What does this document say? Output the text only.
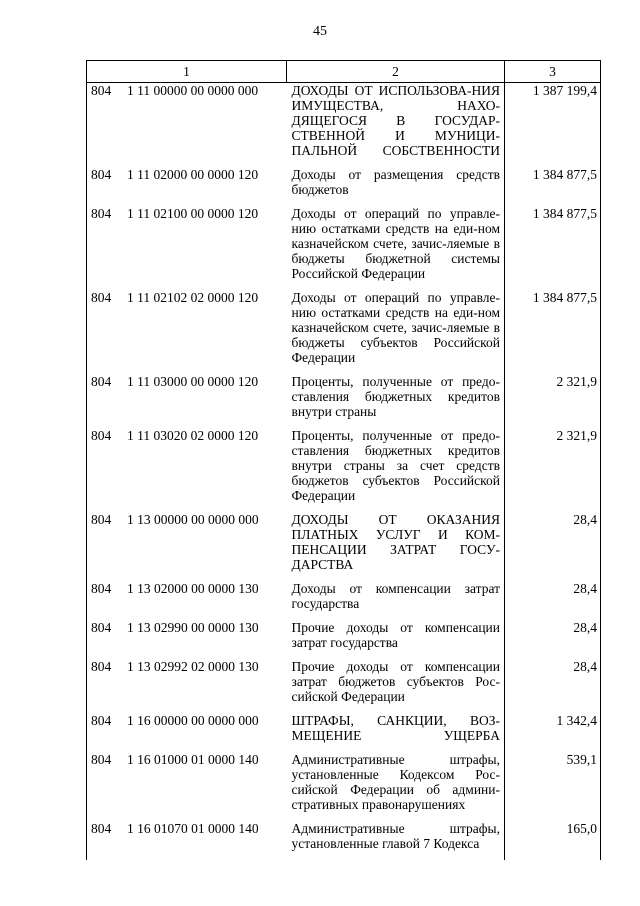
45
1	2	3

804 1 11 00000 00 0000 000	ДОХОДЫ ОТ ИСПОЛЬЗОВА-НИЯ ИМУЩЕСТВА, НАХО-ДЯЩЕГОСЯ В ГОСУДАР-СТВЕННОЙ И МУНИЦИ-ПАЛЬНОЙ СОБСТВЕННОСТИ	1 387 199,4

804 1 11 02000 00 0000 120	Доходы от размещения средств бюджетов	1 384 877,5

804 1 11 02100 00 0000 120	Доходы от операций по управле-нию остатками средств на еди-ном казначейском счете, зачис-ляемые в бюджеты бюджетной системы Российской Федерации	1 384 877,5

804 1 11 02102 02 0000 120	Доходы от операций по управле-нию остатками средств на еди-ном казначейском счете, зачис-ляемые в бюджеты субъектов Российской Федерации	1 384 877,5

804 1 11 03000 00 0000 120	Проценты, полученные от предо-ставления бюджетных кредитов внутри страны	2 321,9

804 1 11 03020 02 0000 120	Проценты, полученные от предо-ставления бюджетных кредитов внутри страны за счет средств бюджетов субъектов Российской Федерации	2 321,9

804 1 13 00000 00 0000 000	ДОХОДЫ ОТ ОКАЗАНИЯ ПЛАТНЫХ УСЛУГ И КОМ-ПЕНСАЦИИ ЗАТРАТ ГОСУ-ДАРСТВА	28,4

804 1 13 02000 00 0000 130	Доходы от компенсации затрат государства	28,4

804 1 13 02990 00 0000 130	Прочие доходы от компенсации затрат государства	28,4

804 1 13 02992 02 0000 130	Прочие доходы от компенсации затрат бюджетов субъектов Рос-сийской Федерации	28,4

804 1 16 00000 00 0000 000	ШТРАФЫ, САНКЦИИ, ВОЗ-МЕЩЕНИЕ УЩЕРБА	1 342,4

804 1 16 01000 01 0000 140	Административные штрафы, установленные Кодексом Рос-сийской Федерации об админи-стративных правонарушениях	539,1

804 1 16 01070 01 0000 140	Административные штрафы, установленные главой 7 Кодекса	165,0
